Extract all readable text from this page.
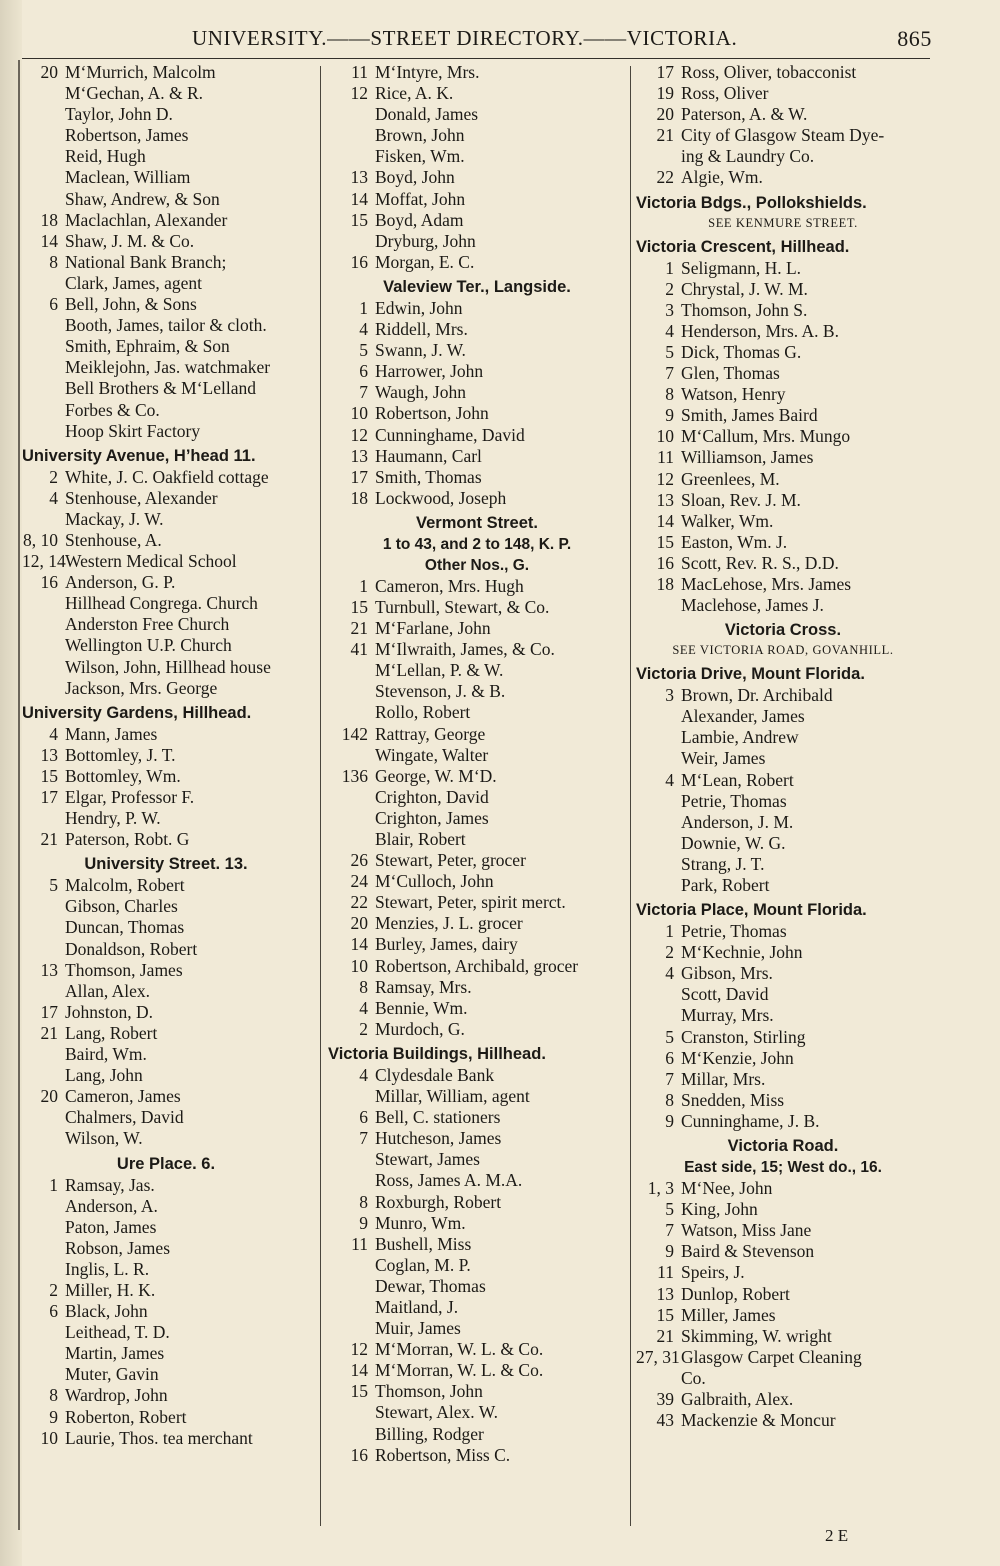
UNIVERSITY.——STREET DIRECTORY.——VICTORIA.	865
20 M‘Murrich, Malcolm
M‘Gechan, A. & R.
Taylor, John D.
Robertson, James
Reid, Hugh
Maclean, William
Shaw, Andrew, & Son
18 Maclachlan, Alexander
14 Shaw, J. M. & Co.
8 National Bank Branch;
Clark, James, agent
6 Bell, John, & Sons
Booth, James, tailor & cloth.
Smith, Ephraim, & Son
Meiklejohn, Jas. watchmaker
Bell Brothers & M‘Lelland
Forbes & Co.
Hoop Skirt Factory
University Avenue, H’head 11.
2 White, J. C. Oakfield cottage
4 Stenhouse, Alexander
Mackay, J. W.
8, 10 Stenhouse, A.
12, 14 Western Medical School
16 Anderson, G. P.
Hillhead Congrega. Church
Anderston Free Church
Wellington U.P. Church
Wilson, John, Hillhead house
Jackson, Mrs. George
University Gardens, Hillhead.
4 Mann, James
13 Bottomley, J. T.
15 Bottomley, Wm.
17 Elgar, Professor F.
Hendry, P. W.
21 Paterson, Robt. G
University Street. 13.
5 Malcolm, Robert
Gibson, Charles
Duncan, Thomas
Donaldson, Robert
13 Thomson, James
Allan, Alex.
17 Johnston, D.
21 Lang, Robert
Baird, Wm.
Lang, John
20 Cameron, James
Chalmers, David
Wilson, W.
Ure Place. 6.
1 Ramsay, Jas.
Anderson, A.
Paton, James
Robson, James
Inglis, L. R.
2 Miller, H. K.
6 Black, John
Leithead, T. D.
Martin, James
Muter, Gavin
8 Wardrop, John
9 Roberton, Robert
10 Laurie, Thos. tea merchant
11 M‘Intyre, Mrs.
12 Rice, A. K.
Donald, James
Brown, John
Fisken, Wm.
13 Boyd, John
14 Moffat, John
15 Boyd, Adam
Dryburg, John
16 Morgan, E. C.
Valeview Ter., Langside.
1 Edwin, John
4 Riddell, Mrs.
5 Swann, J. W.
6 Harrower, John
7 Waugh, John
10 Robertson, John
12 Cunninghame, David
13 Haumann, Carl
17 Smith, Thomas
18 Lockwood, Joseph
Vermont Street.
1 to 43, and 2 to 148, K. P.
Other Nos., G.
1 Cameron, Mrs. Hugh
15 Turnbull, Stewart, & Co.
21 M‘Farlane, John
41 M‘Ilwraith, James, & Co.
M‘Lellan, P. & W.
Stevenson, J. & B.
Rollo, Robert
142 Rattray, George
Wingate, Walter
136 George, W. M‘D.
Crighton, David
Crighton, James
Blair, Robert
26 Stewart, Peter, grocer
24 M‘Culloch, John
22 Stewart, Peter, spirit merct.
20 Menzies, J. L. grocer
14 Burley, James, dairy
10 Robertson, Archibald, grocer
8 Ramsay, Mrs.
4 Bennie, Wm.
2 Murdoch, G.
Victoria Buildings, Hillhead.
4 Clydesdale Bank
Millar, William, agent
6 Bell, C. stationers
7 Hutcheson, James
Stewart, James
Ross, James A. M.A.
8 Roxburgh, Robert
9 Munro, Wm.
11 Bushell, Miss
Coglan, M. P.
Dewar, Thomas
Maitland, J.
Muir, James
12 M‘Morran, W. L. & Co.
14 M‘Morran, W. L. & Co.
15 Thomson, John
Stewart, Alex. W.
Billing, Rodger
16 Robertson, Miss C.
17 Ross, Oliver, tobacconist
19 Ross, Oliver
20 Paterson, A. & W.
21 City of Glasgow Steam Dye-
ing & Laundry Co.
22 Algie, Wm.
Victoria Bdgs., Pollokshields.
SEE KENMURE STREET.
Victoria Crescent, Hillhead.
1 Seligmann, H. L.
2 Chrystal, J. W. M.
3 Thomson, John S.
4 Henderson, Mrs. A. B.
5 Dick, Thomas G.
7 Glen, Thomas
8 Watson, Henry
9 Smith, James Baird
10 M‘Callum, Mrs. Mungo
11 Williamson, James
12 Greenlees, M.
13 Sloan, Rev. J. M.
14 Walker, Wm.
15 Easton, Wm. J.
16 Scott, Rev. R. S., D.D.
18 MacLehose, Mrs. James
Maclehose, James J.
Victoria Cross.
SEE VICTORIA ROAD, GOVANHILL.
Victoria Drive, Mount Florida.
3 Brown, Dr. Archibald
Alexander, James
Lambie, Andrew
Weir, James
4 M‘Lean, Robert
Petrie, Thomas
Anderson, J. M.
Downie, W. G.
Strang, J. T.
Park, Robert
Victoria Place, Mount Florida.
1 Petrie, Thomas
2 M‘Kechnie, John
4 Gibson, Mrs.
Scott, David
Murray, Mrs.
5 Cranston, Stirling
6 M‘Kenzie, John
7 Millar, Mrs.
8 Snedden, Miss
9 Cunninghame, J. B.
Victoria Road.
East side, 15; West do., 16.
1, 3 M‘Nee, John
5 King, John
7 Watson, Miss Jane
9 Baird & Stevenson
11 Speirs, J.
13 Dunlop, Robert
15 Miller, James
21 Skimming, W. wright
27, 31 Glasgow Carpet Cleaning
Co.
39 Galbraith, Alex.
43 Mackenzie & Moncur
2 E
